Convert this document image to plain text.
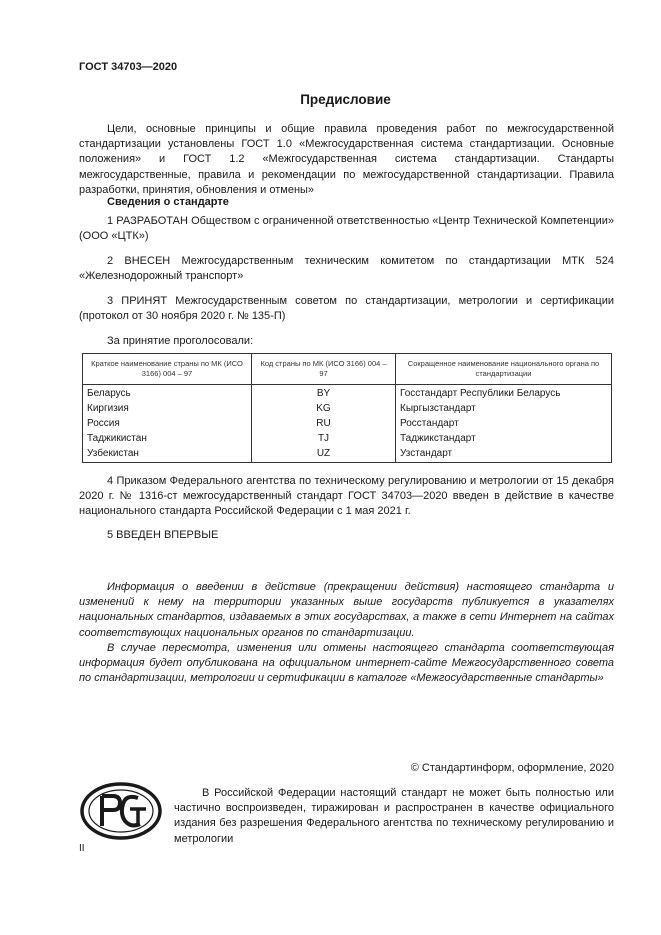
ГОСТ 34703—2020
Предисловие

Цели, основные принципы и общие правила проведения работ по межгосударственной стандартизации установлены ГОСТ 1.0 «Межгосударственная система стандартизации. Основные положения» и ГОСТ 1.2 «Межгосударственная система стандартизации. Стандарты межгосударственные, правила и рекомендации по межгосударственной стандартизации. Правила разработки, принятия, обновления и отмены»

Сведения о стандарте

1 РАЗРАБОТАН Обществом с ограниченной ответственностью «Центр Технической Компетенции» (ООО «ЦТК»)

2 ВНЕСЕН Межгосударственным техническим комитетом по стандартизации МТК 524 «Железнодорожный транспорт»

3 ПРИНЯТ Межгосударственным советом по стандартизации, метрологии и сертификации (протокол от 30 ноября 2020 г. № 135-П)

За принятие проголосовали:

Краткое наименование страны по МК (ИСО 3166) 004 – 97	Код страны по МК (ИСО 3166) 004 – 97	Сокращенное наименование национального органа по стандартизации
Беларусь	BY	Госстандарт Республики Беларусь
Киргизия	KG	Кыргызстандарт
Россия	RU	Росстандарт
Таджикистан	TJ	Таджикстандарт
Узбекистан	UZ	Узстандарт

4 Приказом Федерального агентства по техническому регулированию и метрологии от 15 декабря 2020 г. № 1316-ст межгосударственный стандарт ГОСТ 34703—2020 введен в действие в качестве национального стандарта Российской Федерации с 1 мая 2021 г.

5 ВВЕДЕН ВПЕРВЫЕ

Информация о введении в действие (прекращении действия) настоящего стандарта и изменений к нему на территории указанных выше государств публикуется в указателях национальных стандартов, издаваемых в этих государствах, а также в сети Интернет на сайтах соответствующих национальных органов по стандартизации.

В случае пересмотра, изменения или отмены настоящего стандарта соответствующая информация будет опубликована на официальном интернет-сайте Межгосударственного совета по стандартизации, метрологии и сертификации в каталоге «Межгосударственные стандарты»

© Стандартинформ, оформление, 2020

В Российской Федерации настоящий стандарт не может быть полностью или частично воспроизведен, тиражирован и распространен в качестве официального издания без разрешения Федерального агентства по техническому регулированию и метрологии

II
